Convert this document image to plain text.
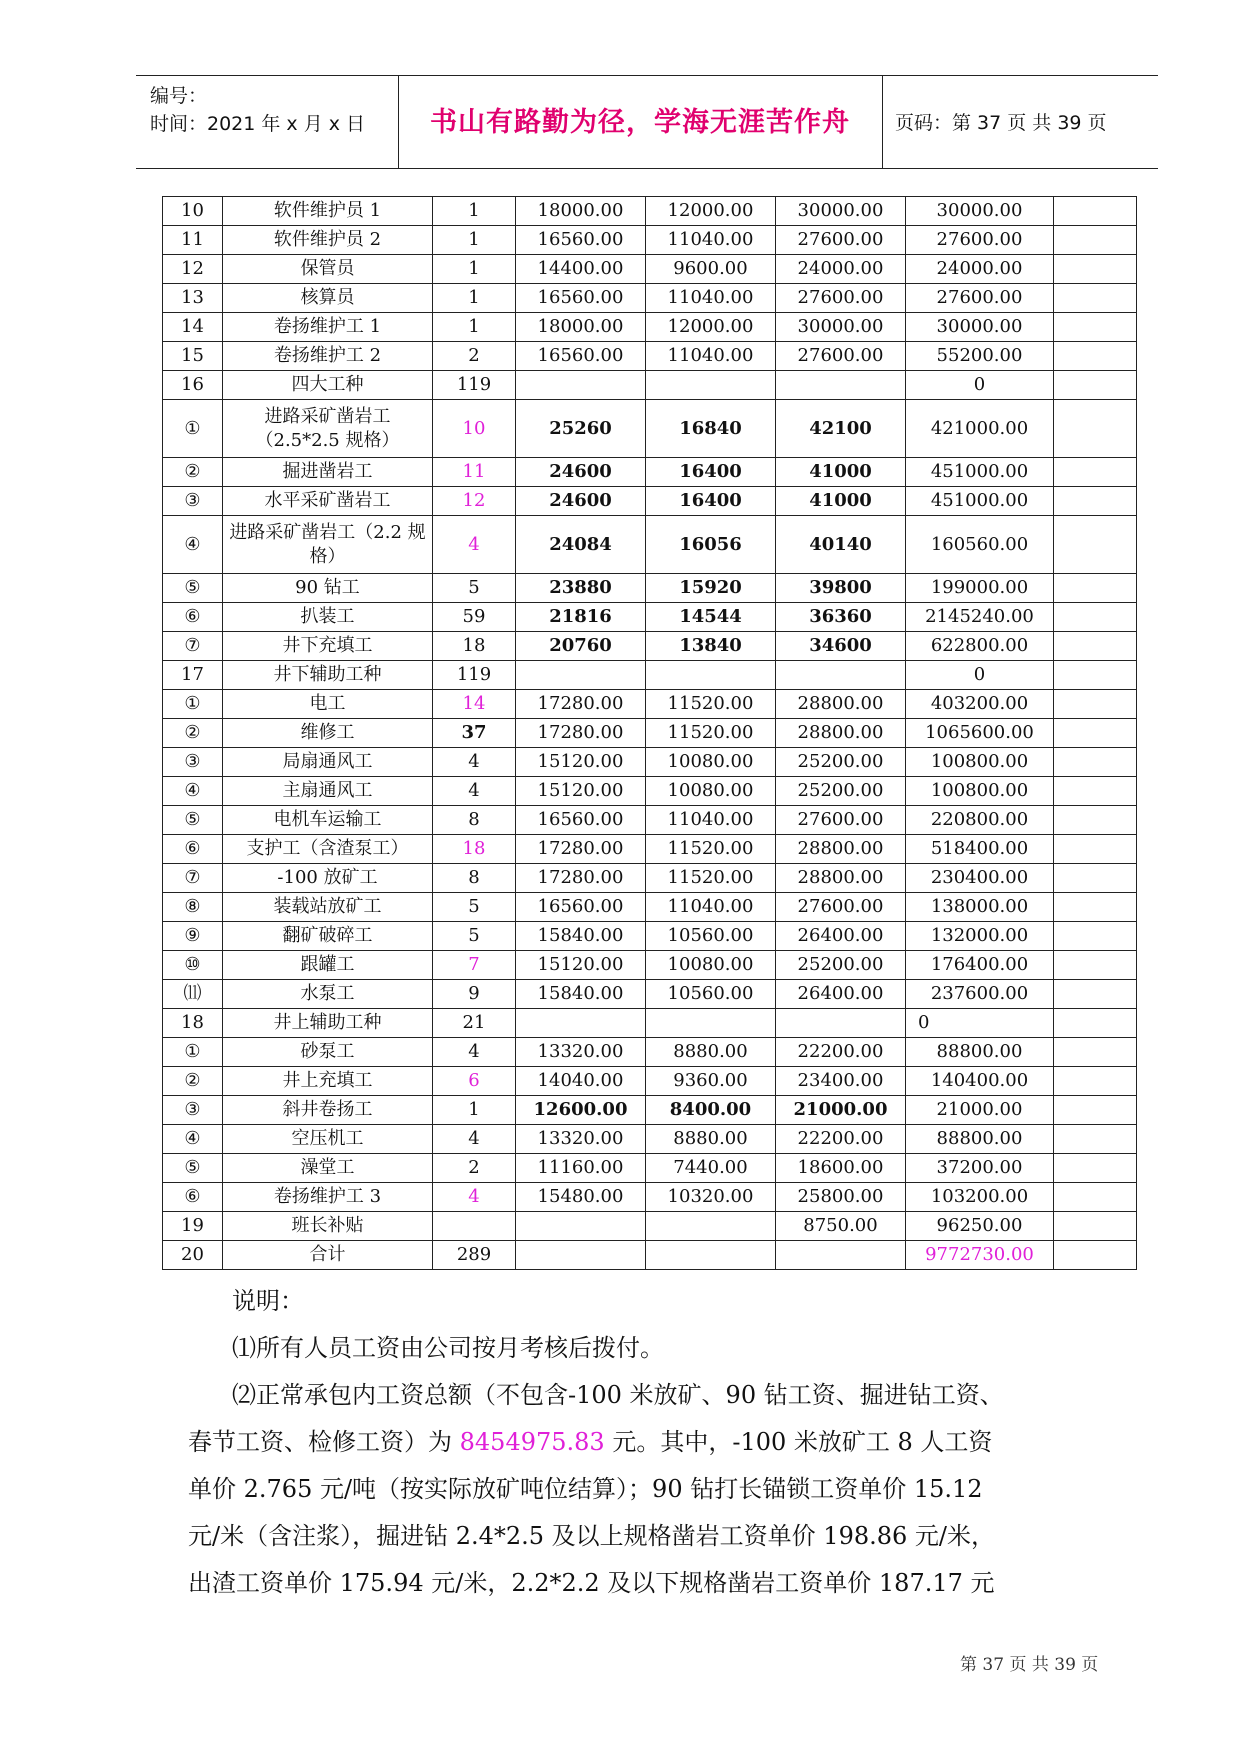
编号：
时间：2021 年 x 月 x 日	书山有路勤为径，学海无涯苦作舟	页码：第 37 页 共 39 页
10	软件维护员 1	1	18000.00	12000.00	30000.00	30000.00	
11	软件维护员 2	1	16560.00	11040.00	27600.00	27600.00	
12	保管员	1	14400.00	9600.00	24000.00	24000.00	
13	核算员	1	16560.00	11040.00	27600.00	27600.00	
14	卷扬维护工 1	1	18000.00	12000.00	30000.00	30000.00	
15	卷扬维护工 2	2	16560.00	11040.00	27600.00	55200.00	
16	四大工种	119				0	
①	进路采矿凿岩工（2.5*2.5 规格）	10	25260	16840	42100	421000.00	
②	掘进凿岩工	11	24600	16400	41000	451000.00	
③	水平采矿凿岩工	12	24600	16400	41000	451000.00	
④	进路采矿凿岩工（2.2 规格）	4	24084	16056	40140	160560.00	
⑤	90 钻工	5	23880	15920	39800	199000.00	
⑥	扒装工	59	21816	14544	36360	2145240.00	
⑦	井下充填工	18	20760	13840	34600	622800.00	
17	井下辅助工种	119				0	
①	电工	14	17280.00	11520.00	28800.00	403200.00	
②	维修工	37	17280.00	11520.00	28800.00	1065600.00	
③	局扇通风工	4	15120.00	10080.00	25200.00	100800.00	
④	主扇通风工	4	15120.00	10080.00	25200.00	100800.00	
⑤	电机车运输工	8	16560.00	11040.00	27600.00	220800.00	
⑥	支护工（含渣泵工）	18	17280.00	11520.00	28800.00	518400.00	
⑦	-100 放矿工	8	17280.00	11520.00	28800.00	230400.00	
⑧	装载站放矿工	5	16560.00	11040.00	27600.00	138000.00	
⑨	翻矿破碎工	5	15840.00	10560.00	26400.00	132000.00	
⑩	跟罐工	7	15120.00	10080.00	25200.00	176400.00	
⑾	水泵工	9	15840.00	10560.00	26400.00	237600.00	
18	井上辅助工种	21				0	
①	砂泵工	4	13320.00	8880.00	22200.00	88800.00	
②	井上充填工	6	14040.00	9360.00	23400.00	140400.00	
③	斜井卷扬工	1	12600.00	8400.00	21000.00	21000.00	
④	空压机工	4	13320.00	8880.00	22200.00	88800.00	
⑤	澡堂工	2	11160.00	7440.00	18600.00	37200.00	
⑥	卷扬维护工 3	4	15480.00	10320.00	25800.00	103200.00	
19	班长补贴				8750.00	96250.00	
20	合计	289				9772730.00	

说明：

⑴所有人员工资由公司按月考核后拨付。

⑵正常承包内工资总额（不包含-100 米放矿、90 钻工资、掘进钻工资、

春节工资、检修工资）为 8454975.83 元。其中，-100 米放矿工 8 人工资

单价 2.765 元/吨（按实际放矿吨位结算）；90 钻打长锚锁工资单价 15.12

元/米（含注浆），掘进钻 2.4*2.5 及以上规格凿岩工资单价 198.86 元/米，

出渣工资单价 175.94 元/米，2.2*2.2 及以下规格凿岩工资单价 187.17 元

第 37 页 共 39 页
